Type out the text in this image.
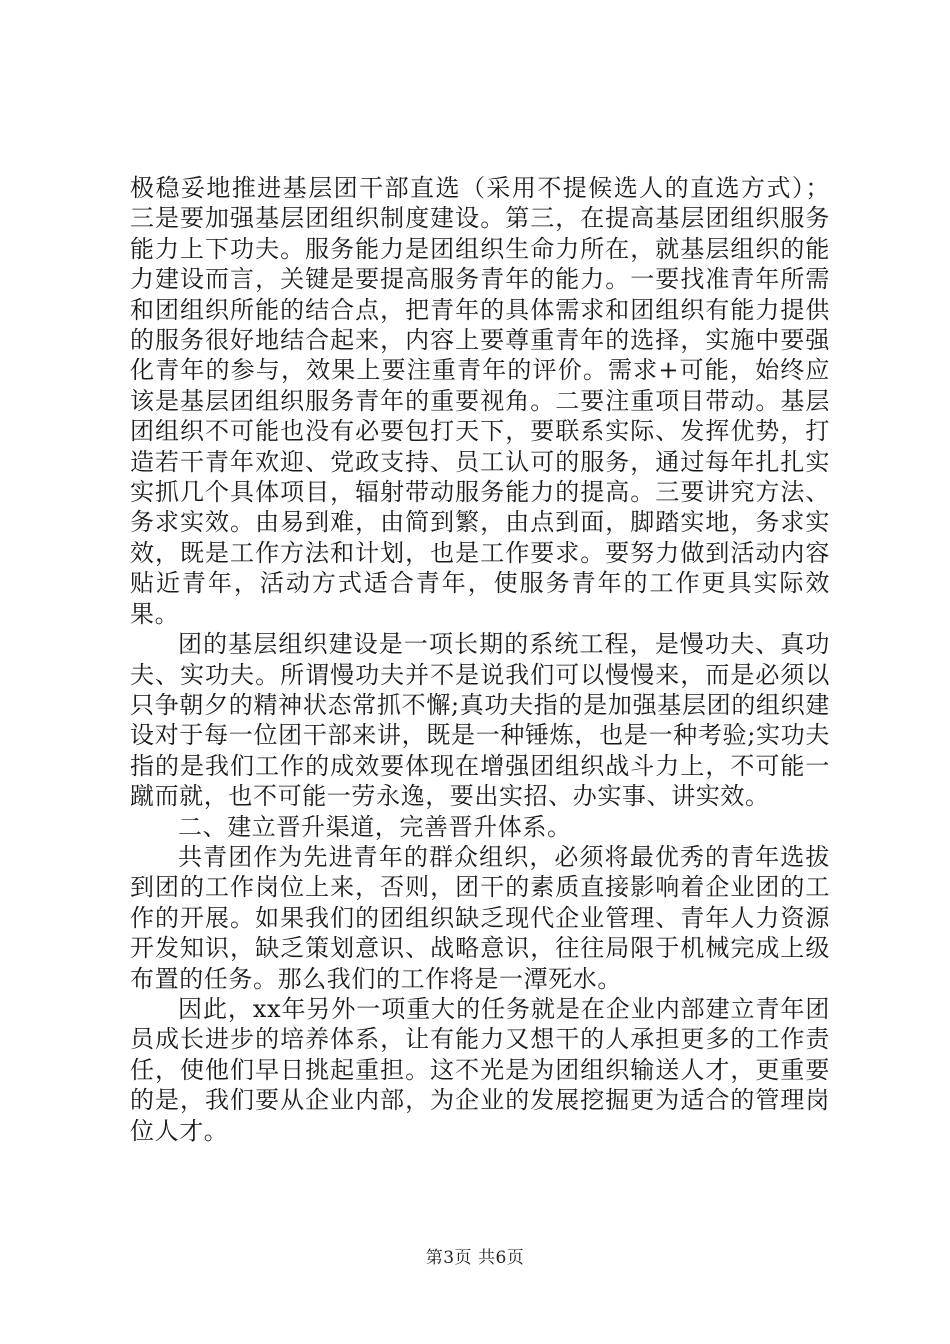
极稳妥地推进基层团干部直选（采用不提候选人的直选方式）；三是要加强基层团组织制度建设。第三，在提高基层团组织服务能力上下功夫。服务能力是团组织生命力所在，就基层组织的能力建设而言，关键是要提高服务青年的能力。一要找准青年所需和团组织所能的结合点，把青年的具体需求和团组织有能力提供的服务很好地结合起来，内容上要尊重青年的选择，实施中要强化青年的参与，效果上要注重青年的评价。需求+可能，始终应该是基层团组织服务青年的重要视角。二要注重项目带动。基层团组织不可能也没有必要包打天下，要联系实际、发挥优势，打造若干青年欢迎、党政支持、员工认可的服务，通过每年扎扎实实抓几个具体项目，辐射带动服务能力的提高。三要讲究方法、务求实效。由易到难，由简到繁，由点到面，脚踏实地，务求实效，既是工作方法和计划，也是工作要求。要努力做到活动内容贴近青年，活动方式适合青年，使服务青年的工作更具实际效果。

团的基层组织建设是一项长期的系统工程，是慢功夫、真功夫、实功夫。所谓慢功夫并不是说我们可以慢慢来，而是必须以只争朝夕的精神状态常抓不懈;真功夫指的是加强基层团的组织建设对于每一位团干部来讲，既是一种锤炼，也是一种考验;实功夫指的是我们工作的成效要体现在增强团组织战斗力上，不可能一蹴而就，也不可能一劳永逸，要出实招、办实事、讲实效。

二、建立晋升渠道，完善晋升体系。

共青团作为先进青年的群众组织，必须将最优秀的青年选拔到团的工作岗位上来，否则，团干的素质直接影响着企业团的工作的开展。如果我们的团组织缺乏现代企业管理、青年人力资源开发知识，缺乏策划意识、战略意识，往往局限于机械完成上级布置的任务。那么我们的工作将是一潭死水。

因此，xx年另外一项重大的任务就是在企业内部建立青年团员成长进步的培养体系，让有能力又想干的人承担更多的工作责任，使他们早日挑起重担。这不光是为团组织输送人才，更重要的是，我们要从企业内部，为企业的发展挖掘更为适合的管理岗位人才。

第3页 共6页
